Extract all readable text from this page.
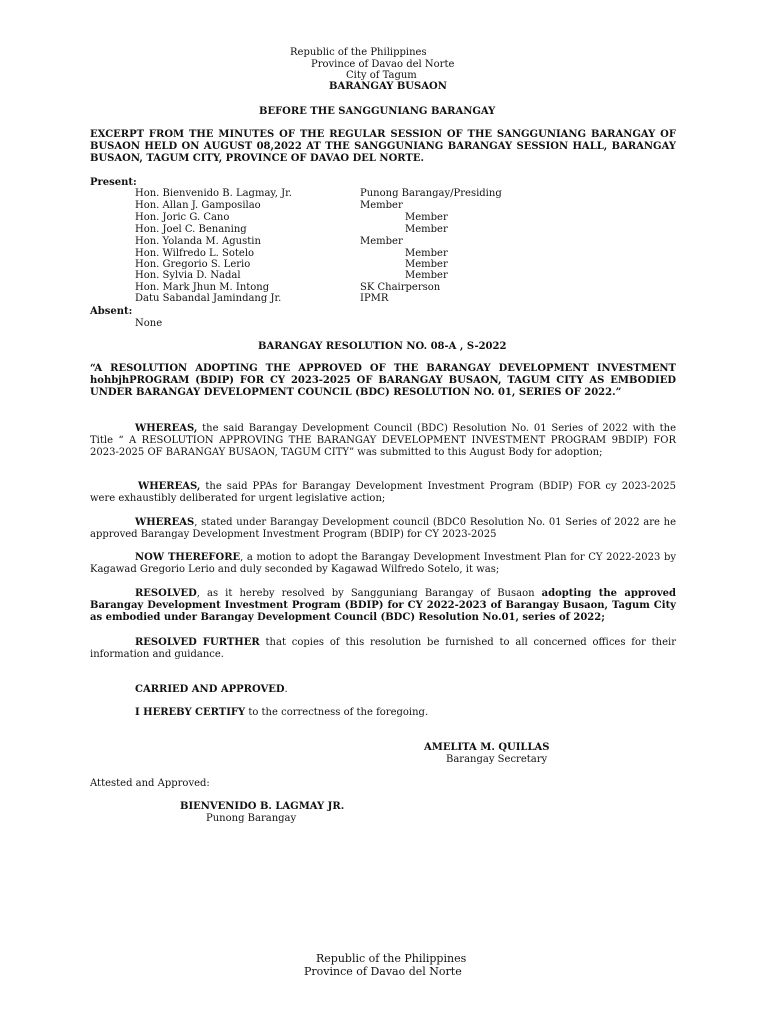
Republic of the Philippines
Province of Davao del Norte
City of Tagum
BARANGAY BUSAON
BEFORE THE SANGGUNIANG BARANGAY
EXCERPT FROM THE MINUTES OF THE REGULAR SESSION OF THE SANGGUNIANG BARANGAY OF BUSAON HELD ON AUGUST 08,2022 AT THE SANGGUNIANG BARANGAY SESSION HALL, BARANGAY BUSAON, TAGUM CITY, PROVINCE OF DAVAO DEL NORTE.
Present:
Hon. Bienvenido B. Lagmay, Jr.	Punong Barangay/Presiding
Hon. Allan J. Gamposilao	Member
Hon. Joric G. Cano	Member
Hon. Joel C. Benaning	Member
Hon. Yolanda M. Agustin	Member
Hon. Wilfredo L. Sotelo	Member
Hon. Gregorio S. Lerio	Member
Hon. Sylvia D. Nadal	Member
Hon. Mark Jhun M. Intong	SK Chairperson
Datu Sabandal Jamindang Jr.	IPMR
Absent:
None
BARANGAY RESOLUTION NO. 08-A , S-2022
“A RESOLUTION ADOPTING THE APPROVED OF THE BARANGAY DEVELOPMENT INVESTMENT hohbjhPROGRAM (BDIP) FOR CY 2023-2025 OF BARANGAY BUSAON, TAGUM CITY AS EMBODIED UNDER BARANGAY DEVELOPMENT COUNCIL (BDC) RESOLUTION NO. 01, SERIES OF 2022.”
WHEREAS, the said Barangay Development Council (BDC) Resolution No. 01 Series of 2022 with the Title “ A RESOLUTION APPROVING THE BARANGAY DEVELOPMENT INVESTMENT PROGRAM 9BDIP) FOR 2023-2025 OF BARANGAY BUSAON, TAGUM CITY” was submitted to this August Body for adoption;
WHEREAS, the said PPAs for Barangay Development Investment Program (BDIP) FOR cy 2023-2025 were exhaustibly deliberated for urgent legislative action;
WHEREAS, stated under Barangay Development council (BDC0 Resolution No. 01 Series of 2022 are he approved Barangay Development Investment Program (BDIP) for CY 2023-2025
NOW THEREFORE, a motion to adopt the Barangay Development Investment Plan for CY 2022-2023 by Kagawad Gregorio Lerio and duly seconded by Kagawad Wilfredo Sotelo, it was;
RESOLVED, as it hereby resolved by Sangguniang Barangay of Busaon adopting the approved Barangay Development Investment Program (BDIP) for CY 2022-2023 of Barangay Busaon, Tagum City as embodied under Barangay Development Council (BDC) Resolution No.01, series of 2022;
RESOLVED FURTHER that copies of this resolution be furnished to all concerned offices for their information and guidance.
CARRIED AND APPROVED.
I HEREBY CERTIFY to the correctness of the foregoing.
AMELITA M. QUILLAS
Barangay Secretary
Attested and Approved:
BIENVENIDO B. LAGMAY JR.
Punong Barangay
Republic of the Philippines
Province of Davao del Norte
